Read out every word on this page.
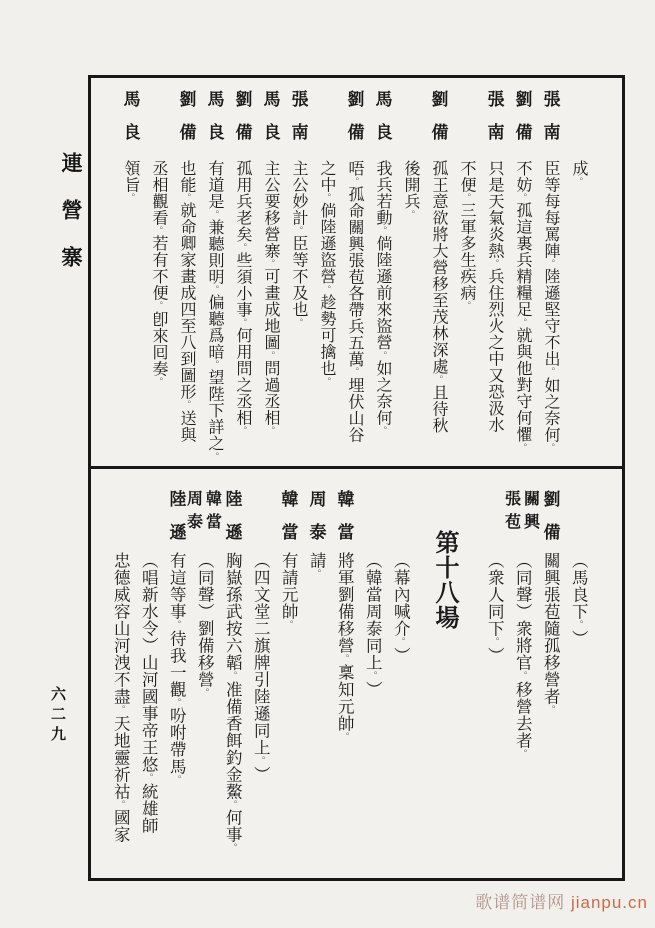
連營寨
六二九
成
。
張南
臣等每每罵陣
。
陸遜堅守不出
。
如之奈何
。
劉備
不妨
。
孤這裏兵精糧足
。
就與他對守何懼
。
張南
只是天氣炎熱
。
兵住烈火之中又恐汲水
不便
。
三軍多生疾病
。
劉備
孤王意欲將大營移至茂林深處
。
且待秋
後開兵
。
馬良
我兵若動
。
倘陸遜前來盜營
。
如之奈何
。
劉備
唔
。
孤命關興張苞各帶兵五萬
。
埋伏山谷
之中
。
倘陸遜盜營
。
趁勢可擒也
。
張南
主公妙計
。
臣等不及也
。
馬良
主公要移營寨
。
可畫成地圖
。
問過丞相
。
劉備
孤用兵老矣
。
些須小事
。
何用問之丞相
。
馬良
有道是
。
兼聽則明
。
偏聽爲暗
。
望陛下詳之
。
劉備
也能
。
就命卿家畫成四至八到圖形
。
送與
丞相觀看
。
若有不便
。
卽來囘奏
。
馬良
領旨
。
（馬良下
。
）
劉備
關興張苞隨孤移營者
。
關興
張苞
（同聲）衆將官
。
移營去者
。
（衆人同下
。
）
第十八場
（幕內喊介
。
）
（韓當周泰同上
。
）
韓當
將軍劉備移營
。
稟知元帥
。
周泰
請
。
韓當
有請元帥
。
（四文堂二旗牌引陸遜同上
。
）
陸遜
胸嶽孫武按六韜
。
准備香餌釣金鰲
。
何事
。
韓當
周泰
（同聲）劉備移營
。
陸遜
有這等事
。
待我一觀
。
吩咐帶馬
。
（唱新水令）山河國事帝王悠
。
統雄師
忠德威容山河洩不盡
。
天地靈祈祜
。
國家
歌谱简谱网 jianpu.cn
